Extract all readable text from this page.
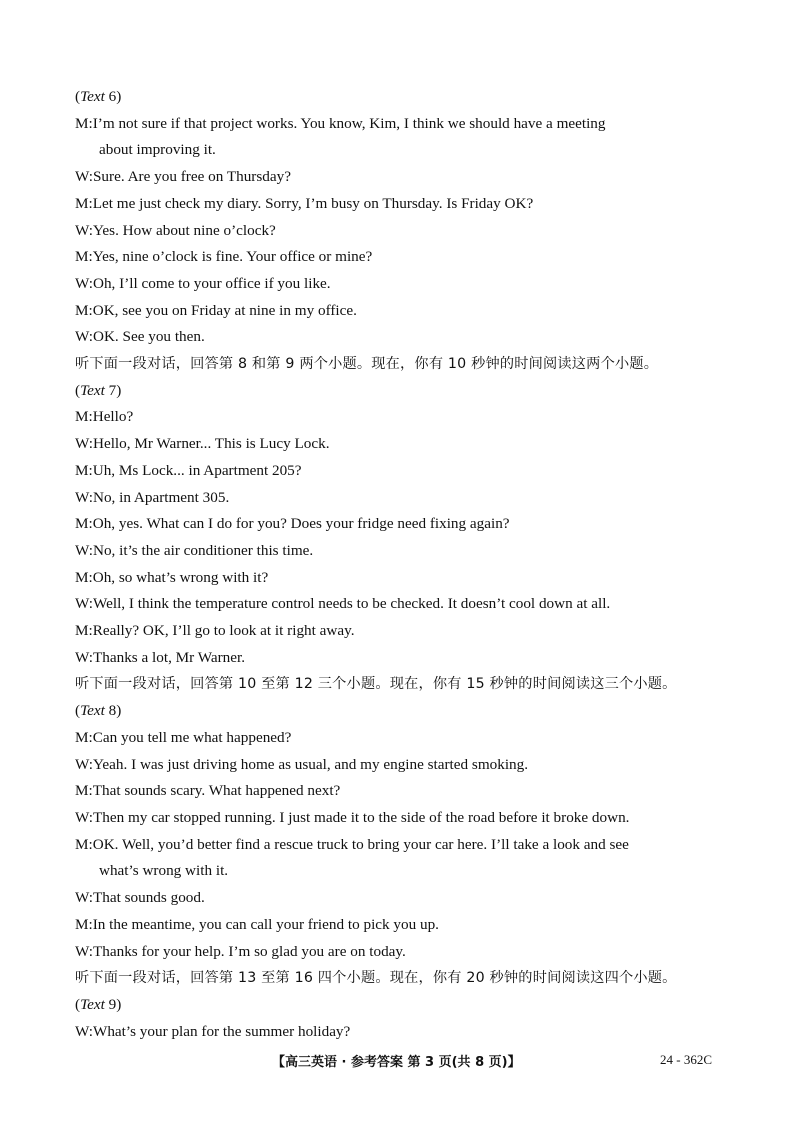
(Text 6)
M:I’m not sure if that project works. You know, Kim, I think we should have a meeting
about improving it.
W:Sure. Are you free on Thursday?
M:Let me just check my diary. Sorry, I’m busy on Thursday. Is Friday OK?
W:Yes. How about nine o’clock?
M:Yes, nine o’clock is fine. Your office or mine?
W:Oh, I’ll come to your office if you like.
M:OK, see you on Friday at nine in my office.
W:OK. See you then.
听下面一段对话，回答第 8 和第 9 两个小题。现在，你有 10 秒钟的时间阅读这两个小题。
(Text 7)
M:Hello?
W:Hello, Mr Warner... This is Lucy Lock.
M:Uh, Ms Lock... in Apartment 205?
W:No, in Apartment 305.
M:Oh, yes. What can I do for you? Does your fridge need fixing again?
W:No, it’s the air conditioner this time.
M:Oh, so what’s wrong with it?
W:Well, I think the temperature control needs to be checked. It doesn’t cool down at all.
M:Really? OK, I’ll go to look at it right away.
W:Thanks a lot, Mr Warner.
听下面一段对话，回答第 10 至第 12 三个小题。现在，你有 15 秒钟的时间阅读这三个小题。
(Text 8)
M:Can you tell me what happened?
W:Yeah. I was just driving home as usual, and my engine started smoking.
M:That sounds scary. What happened next?
W:Then my car stopped running. I just made it to the side of the road before it broke down.
M:OK. Well, you’d better find a rescue truck to bring your car here. I’ll take a look and see
what’s wrong with it.
W:That sounds good.
M:In the meantime, you can call your friend to pick you up.
W:Thanks for your help. I’m so glad you are on today.
听下面一段对话，回答第 13 至第 16 四个小题。现在，你有 20 秒钟的时间阅读这四个小题。
(Text 9)
W:What’s your plan for the summer holiday?
【高三英语 · 参考答案 第 3 页(共 8 页)】	24 - 362C
